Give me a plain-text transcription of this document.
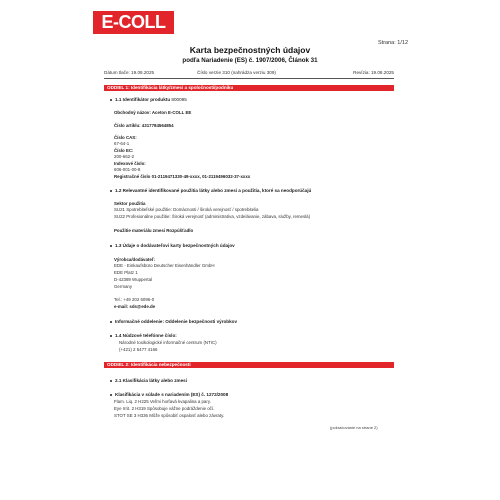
E-COLL
Strana: 1/12
Karta bezpečnostných údajov
podľa Nariadenie (ES) č. 1907/2006, Článok 31
Dátum tlače: 19.08.2025	Číslo verzie 310 (nahrádza verziu 309)	Revízia: 19.08.2025
ODDIEL 1: Identifikácia látky/zmesi a spoločnosti/podniku
1.1 Identifikátor produktu 800095
Obchodný názov: Aceton E-COLL EE
Číslo artiklu: 4317784564854
Číslo CAS:
67-64-1
Číslo EC:
200-662-2
Indexové číslo:
606-001-00-8
Registračné číslo 01-2119471330-49-xxxx, 01-2119496032-37-xxxx
1.2 Relevantné identifikované použitia látky alebo zmesi a použitia, ktoré sa neodporúčajú
Sektor použitia
SU21 Spotrebiteľské použitie: Domácnosti / široká verejnosť / spotrebitelia
SU22 Profesionálne použitie: Široká verejnosť (administratíva, vzdelávanie, zábava, služby, remeslá)
Použitie materiálu zmesi Rozpúšťadlo
1.3 Údaje o dodávateľovi karty bezpečnostných údajov
Výrobca/dodávateľ:
EDE - Einkaufsbüro Deutscher Eisenhändler GmbH
EDE Platz 1
D-42389 Wuppertal
Germany
Tel.: +49 202 6096-0
e-mail: sds@ede.de
Informačné oddelenie: Oddelenie bezpečnosti výrobkov
1.4 Núdzové telefónne číslo:
Národné toxikologické informačné centrum (NTIC)
(+421) 2 5477 4166
ODDIEL 2: Identifikácia nebezpečnosti
2.1 Klasifikácia látky alebo zmesi
Klasifikácia v súlade s nariadením (ES) č. 1272/2008
Flam. Liq. 2 H225 Veľmi horľavá kvapalina a pary.
Eye Irrit. 2 H319 Spôsobuje vážne podráždenie očí.
STOT SE 3 H336 Môže spôsobiť ospalosť alebo závraty.
(pokračovanie na strane 2)
